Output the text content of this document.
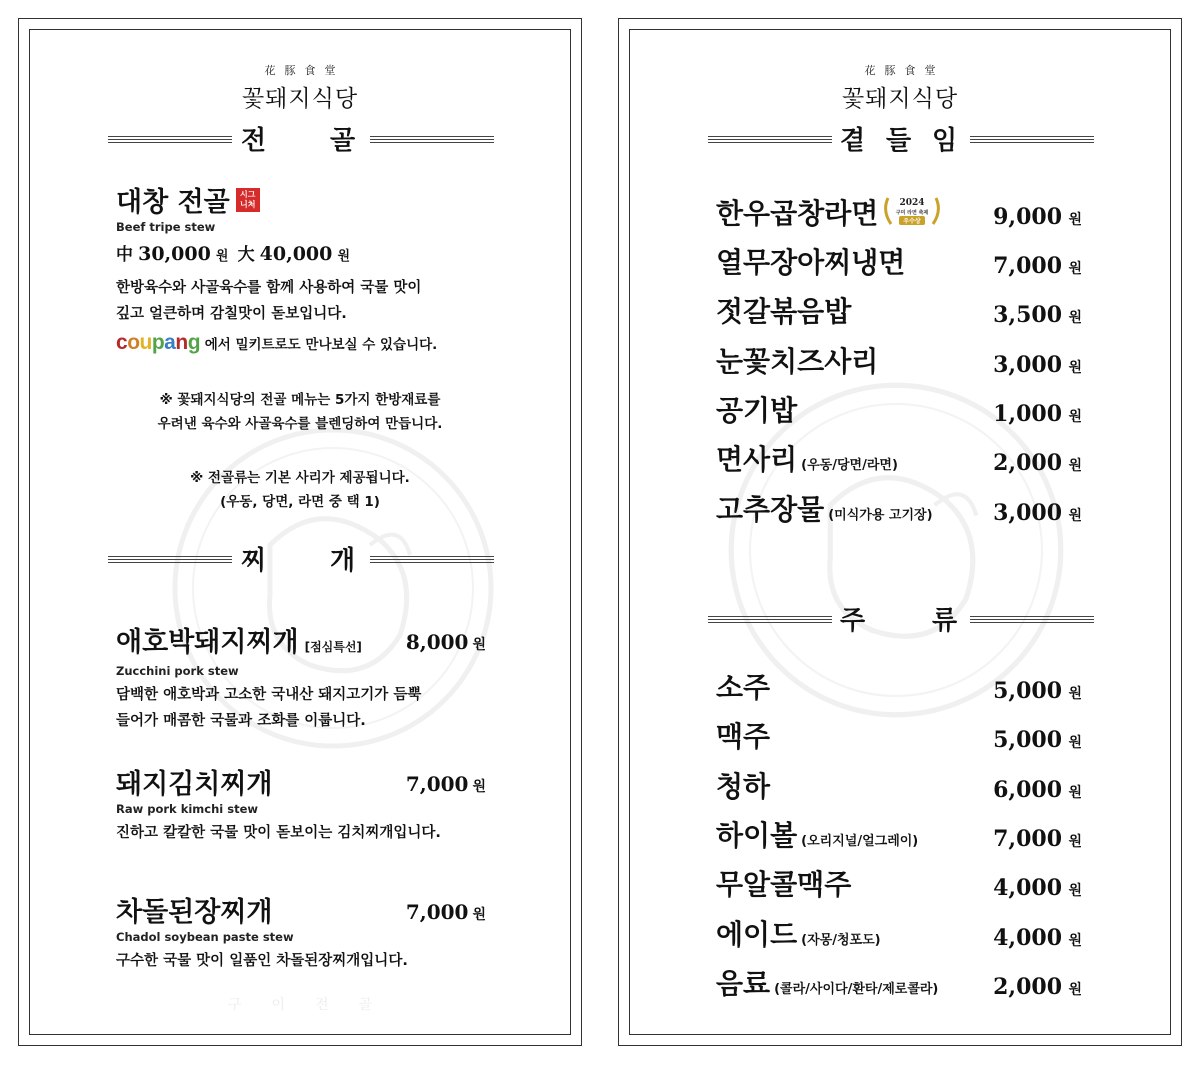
花豚食堂
꽃돼지식당
전 골
대창 전골 시그
니처
Beef tripe stew
中 30,000 원 大 40,000 원
한방육수와 사골육수를 함께 사용하여 국물 맛이
깊고 얼큰하며 감칠맛이 돋보입니다.
coupang 에서 밀키트로도 만나보실 수 있습니다.
※ 꽃돼지식당의 전골 메뉴는 5가지 한방재료를
우려낸 육수와 사골육수를 블렌딩하여 만듭니다.
※ 전골류는 기본 사리가 제공됩니다.
(우동, 당면, 라면 중 택 1)
찌 개
애호박돼지찌개 [점심특선]	8,000 원
Zucchini pork stew
담백한 애호박과 고소한 국내산 돼지고기가 듬뿍
들어가 매콤한 국물과 조화를 이룹니다.
돼지김치찌개	7,000 원
Raw pork kimchi stew
진하고 칼칼한 국물 맛이 돋보이는 김치찌개입니다.
차돌된장찌개	7,000 원
Chadol soybean paste stew
구수한 국물 맛이 일품인 차돌된장찌개입니다.
구이전골
花豚食堂
꽃돼지식당
곁 들 임
한우곱창라면 2024
구미 라면 축제
우수상	9,000 원
열무장아찌냉면	7,000 원
젓갈볶음밥	3,500 원
눈꽃치즈사리	3,000 원
공기밥	1,000 원
면사리 (우동/당면/라면)	2,000 원
고추장물 (미식가용 고기장)	3,000 원
주	류
소주	5,000 원
맥주	5,000 원
청하	6,000 원
하이볼 (오리지널/얼그레이)	7,000 원
무알콜맥주	4,000 원
에이드 (자몽/청포도)	4,000 원
음료 (콜라/사이다/환타/제로콜라) 2,000 원
